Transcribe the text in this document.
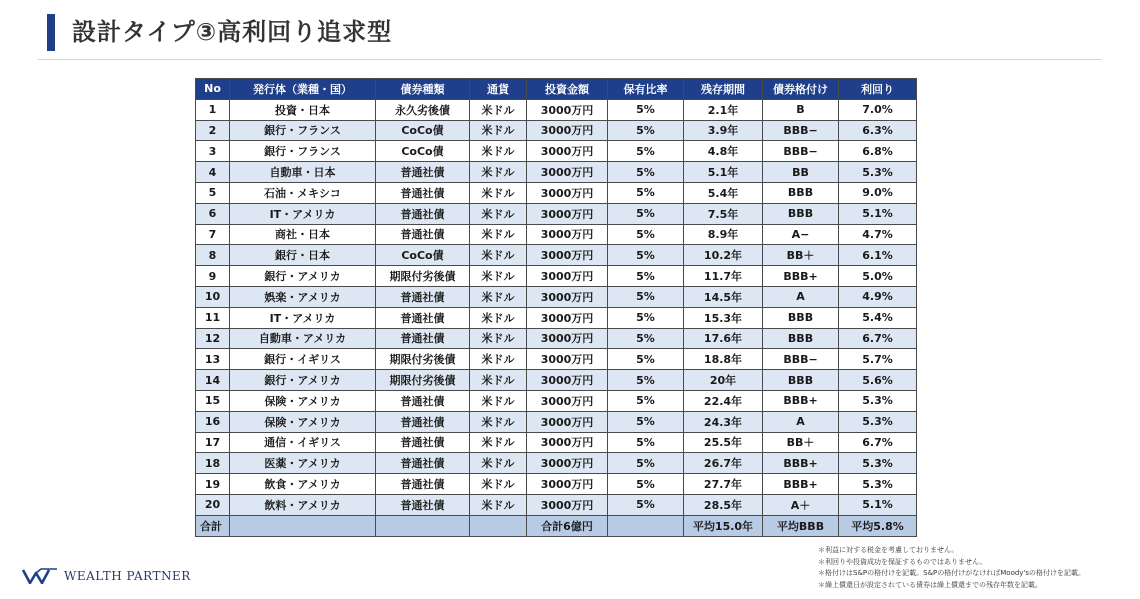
設計タイプ③高利回り追求型
No	発行体（業種・国）	債券種類	通貨	投資金額	保有比率	残存期間	債券格付け	利回り
1	投資・日本	永久劣後債	米ドル	3000万円	5%	2.1年	B	7.0%
2	銀行・フランス	CoCo債	米ドル	3000万円	5%	3.9年	BBB−	6.3%
3	銀行・フランス	CoCo債	米ドル	3000万円	5%	4.8年	BBB−	6.8%
4	自動車・日本	普通社債	米ドル	3000万円	5%	5.1年	BB	5.3%
5	石油・メキシコ	普通社債	米ドル	3000万円	5%	5.4年	BBB	9.0%
6	IT・アメリカ	普通社債	米ドル	3000万円	5%	7.5年	BBB	5.1%
7	商社・日本	普通社債	米ドル	3000万円	5%	8.9年	A−	4.7%
8	銀行・日本	CoCo債	米ドル	3000万円	5%	10.2年	BB＋	6.1%
9	銀行・アメリカ	期限付劣後債	米ドル	3000万円	5%	11.7年	BBB+	5.0%
10	娯楽・アメリカ	普通社債	米ドル	3000万円	5%	14.5年	A	4.9%
11	IT・アメリカ	普通社債	米ドル	3000万円	5%	15.3年	BBB	5.4%
12	自動車・アメリカ	普通社債	米ドル	3000万円	5%	17.6年	BBB	6.7%
13	銀行・イギリス	期限付劣後債	米ドル	3000万円	5%	18.8年	BBB−	5.7%
14	銀行・アメリカ	期限付劣後債	米ドル	3000万円	5%	20年	BBB	5.6%
15	保険・アメリカ	普通社債	米ドル	3000万円	5%	22.4年	BBB+	5.3%
16	保険・アメリカ	普通社債	米ドル	3000万円	5%	24.3年	A	5.3%
17	通信・イギリス	普通社債	米ドル	3000万円	5%	25.5年	BB＋	6.7%
18	医薬・アメリカ	普通社債	米ドル	3000万円	5%	26.7年	BBB+	5.3%
19	飲食・アメリカ	普通社債	米ドル	3000万円	5%	27.7年	BBB+	5.3%
20	飲料・アメリカ	普通社債	米ドル	3000万円	5%	28.5年	A＋	5.1%
合計				合計6億円		平均15.0年	平均BBB	平均5.8%
WEALTH PARTNER
＊利益に対する税金を考慮しておりません。
＊利回りや投資成功を保証するものではありません。
＊格付けはS&Pの格付けを記載。S&Pの格付けがなければMoody'sの格付けを記載。
＊繰上償還日が設定されている債券は繰上償還までの残存年数を記載。
